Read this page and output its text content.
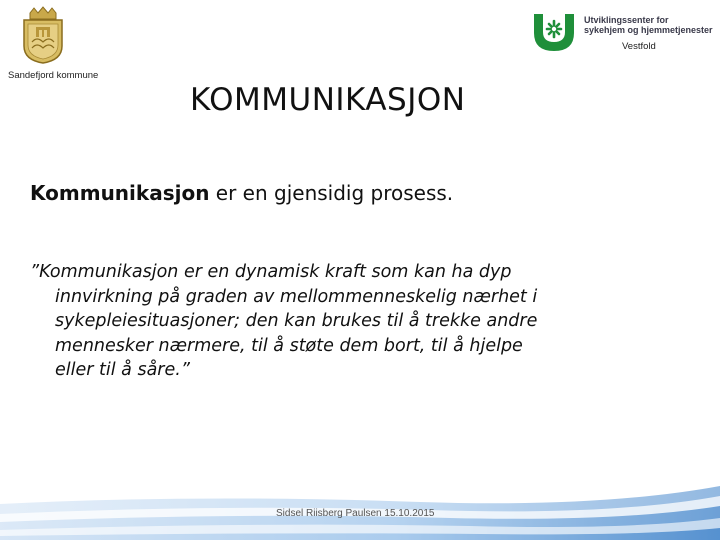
Sandefjord kommune
Utviklingssenter for
sykehjem og hjemmetjenester
Vestfold
KOMMUNIKASJON
Kommunikasjon er en gjensidig prosess.
”Kommunikasjon er en dynamisk kraft som kan ha dyp
innvirkning på graden av mellommenneskelig nærhet i
sykepleiesituasjoner; den kan brukes til å trekke andre
mennesker nærmere, til å støte dem bort, til å hjelpe
eller til å såre.”
Sidsel Riisberg Paulsen 15.10.2015
